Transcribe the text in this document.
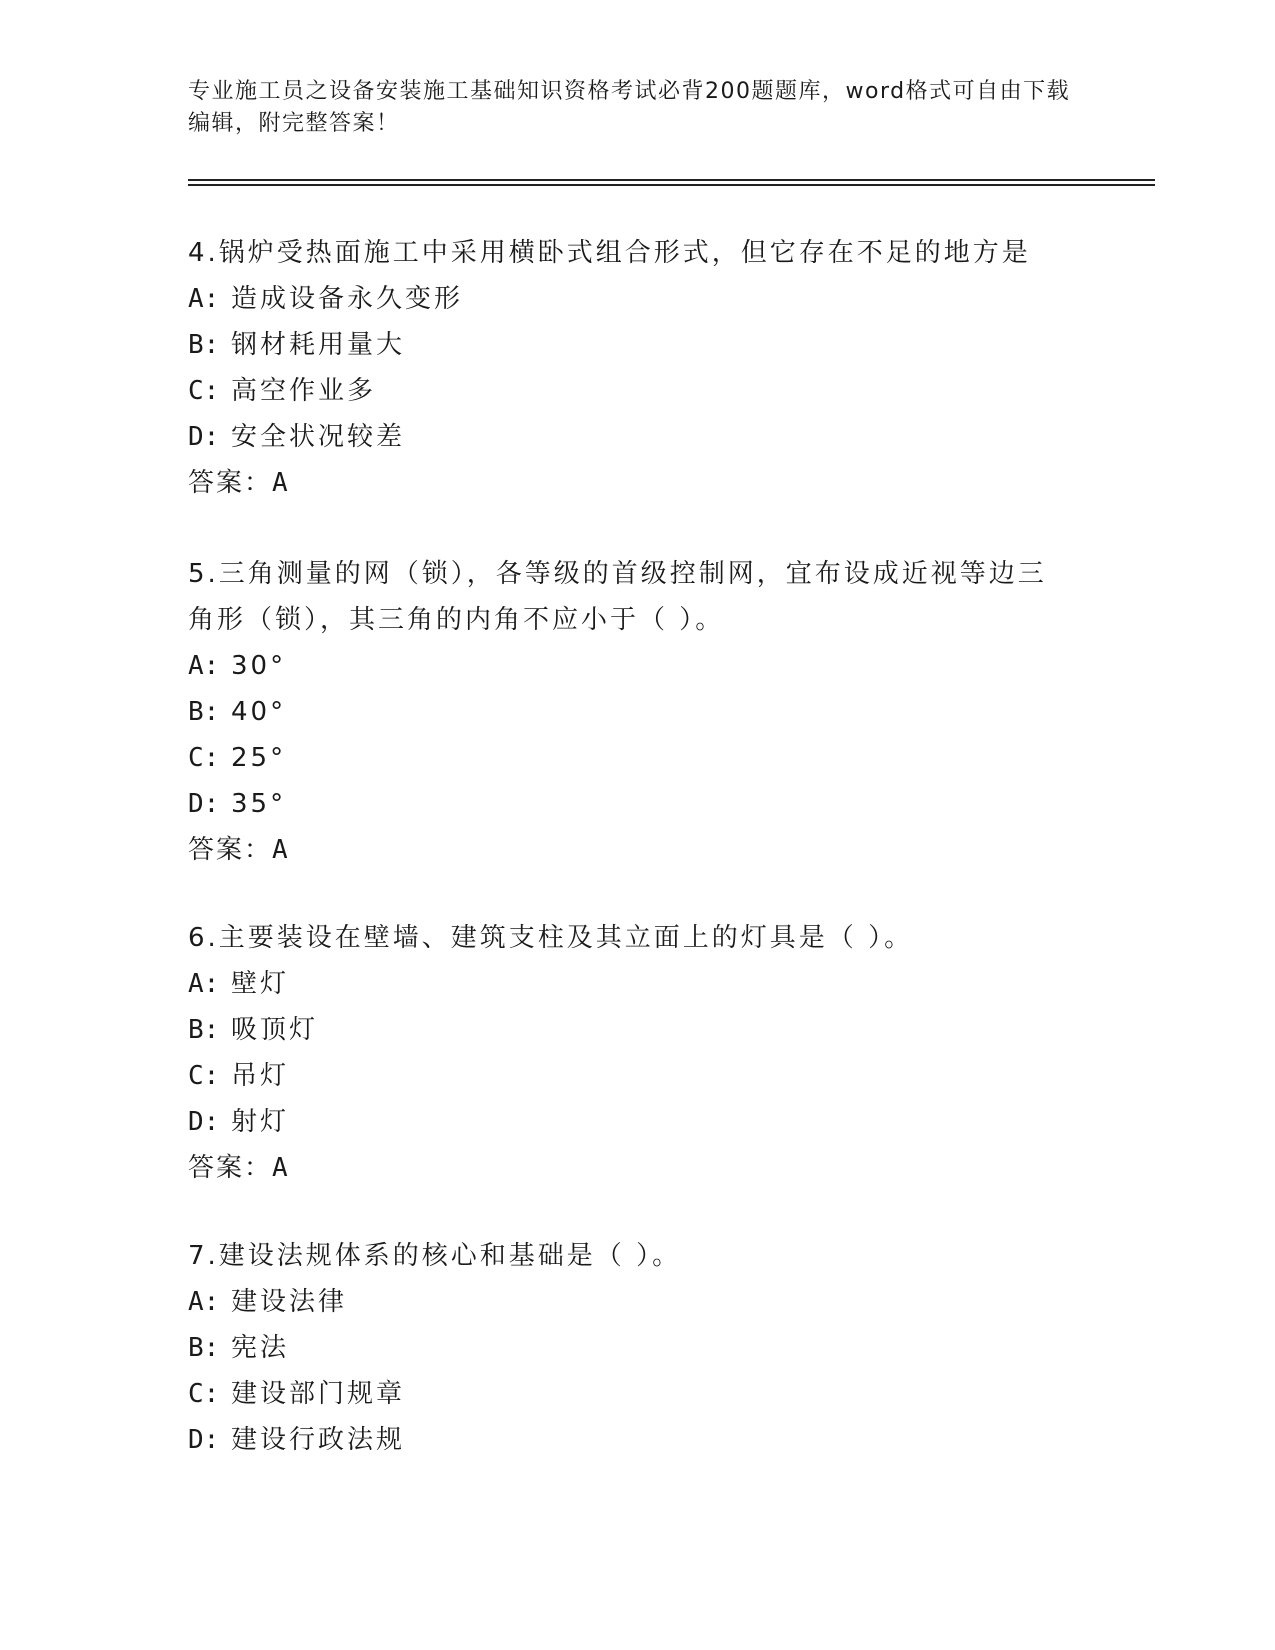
专业施工员之设备安装施工基础知识资格考试必背200题题库，word格式可自由下载编辑，附完整答案！
4.锅炉受热面施工中采用横卧式组合形式，但它存在不足的地方是
A: 造成设备永久变形
B: 钢材耗用量大
C: 高空作业多
D: 安全状况较差
答案：A
5.三角测量的网（锁），各等级的首级控制网，宜布设成近视等边三角形（锁），其三角的内角不应小于（ ）。
A: 30°
B: 40°
C: 25°
D: 35°
答案：A
6.主要装设在壁墙、建筑支柱及其立面上的灯具是（ ）。
A: 壁灯
B: 吸顶灯
C: 吊灯
D: 射灯
答案：A
7.建设法规体系的核心和基础是（ ）。
A: 建设法律
B: 宪法
C: 建设部门规章
D: 建设行政法规
